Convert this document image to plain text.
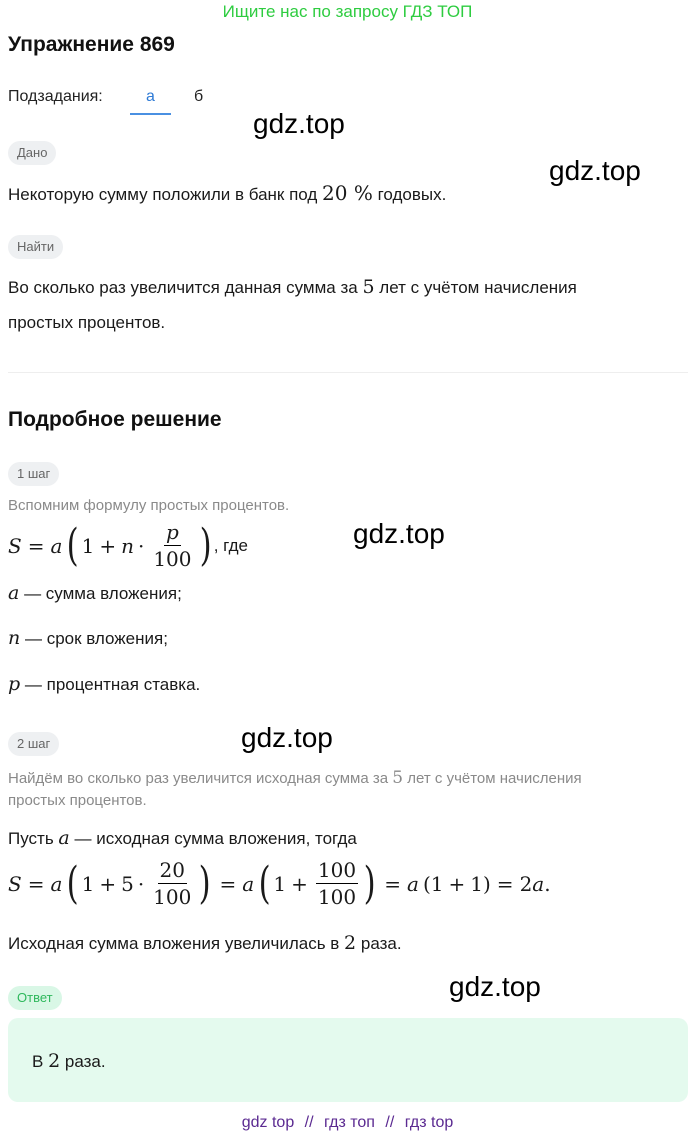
Ищите нас по запросу ГДЗ ТОП
Упражнение 869
Подзадания:	а б
gdz.top
gdz.top
gdz.top
gdz.top
gdz.top
Дано
Некоторую сумму положили в банк под 20 % годовых.
Найти
Во сколько раз увеличится данная сумма за 5 лет с учётом начисления
простых процентов.
Подробное решение
1 шаг
Вспомним формулу простых процентов.
S = a ( $1 + n \cdot \frac{p}{100}$ ) , где
a — сумма вложения;
n — срок вложения;
p — процентная ставка.
2 шаг
Найдём во сколько раз увеличится исходная сумма за 5 лет с учётом начисления
простых процентов.
Пусть a — исходная сумма вложения, тогда
S = a ( $1 + 5 \cdot \frac{20}{100}$ ) = a ( $1 + \frac{100}{100}$ ) = a (1 + 1) = 2 a .
Исходная сумма вложения увеличилась в 2 раза.
Ответ
В 2 раза.
gdz top // гдз топ // гдз top
